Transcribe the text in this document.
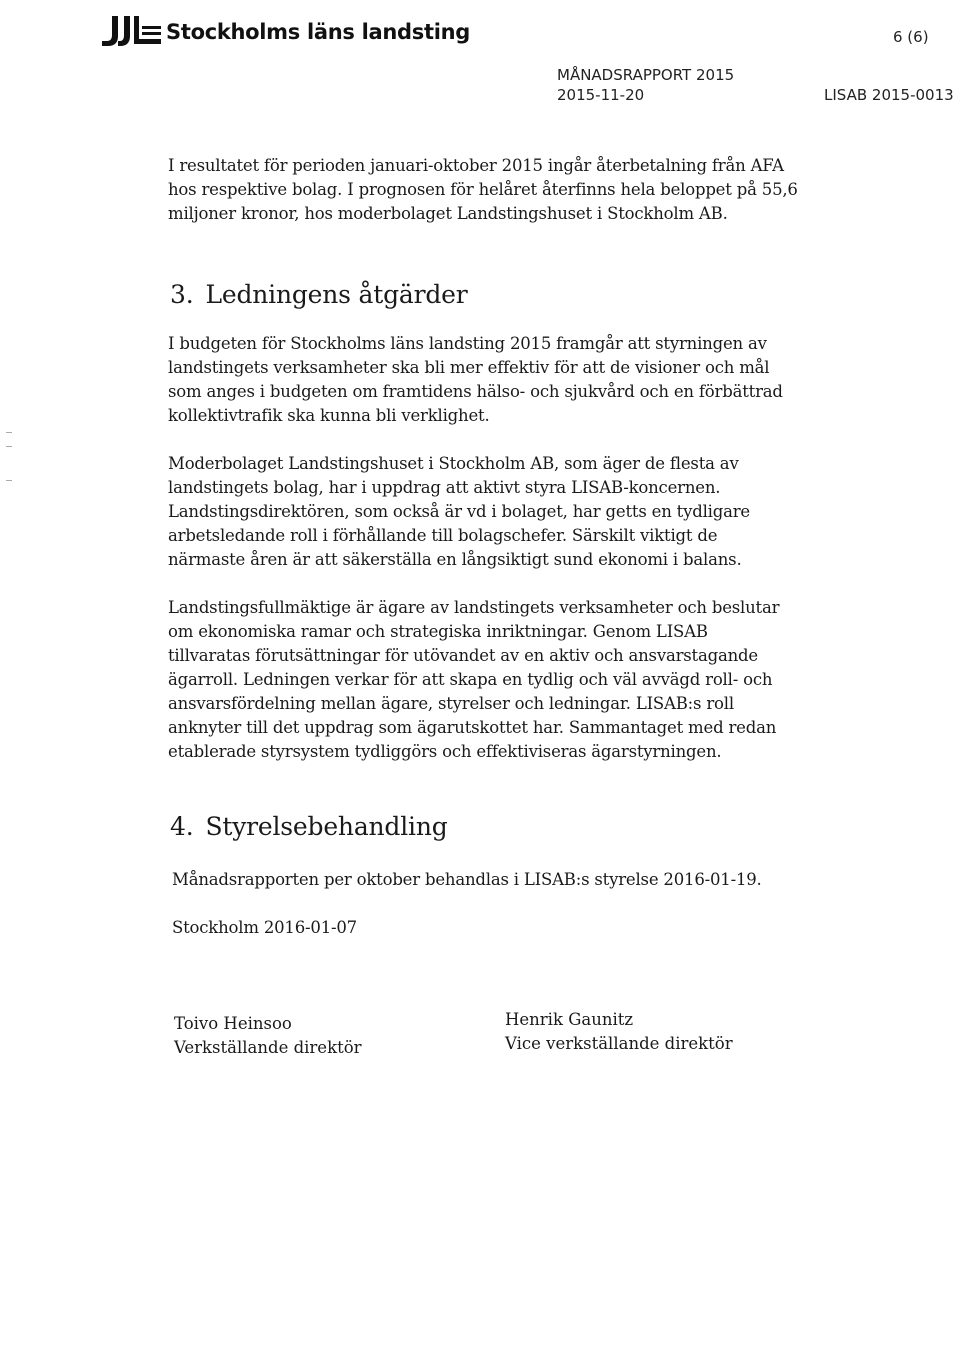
Stockholms läns landsting	6 (6)
MÅNADSRAPPORT 2015
2015-11-20	LISAB 2015-0013

I resultatet för perioden januari-oktober 2015 ingår återbetalning från AFA
hos respektive bolag. I prognosen för helåret återfinns hela beloppet på 55,6
miljoner kronor, hos moderbolaget Landstingshuset i Stockholm AB.

3. Ledningens åtgärder

I budgeten för Stockholms läns landsting 2015 framgår att styrningen av
landstingets verksamheter ska bli mer effektiv för att de visioner och mål
som anges i budgeten om framtidens hälso- och sjukvård och en förbättrad
kollektivtrafik ska kunna bli verklighet.

Moderbolaget Landstingshuset i Stockholm AB, som äger de flesta av
landstingets bolag, har i uppdrag att aktivt styra LISAB-koncernen.
Landstingsdirektören, som också är vd i bolaget, har getts en tydligare
arbetsledande roll i förhållande till bolagschefer. Särskilt viktigt de
närmaste åren är att säkerställa en långsiktigt sund ekonomi i balans.

Landstingsfullmäktige är ägare av landstingets verksamheter och beslutar
om ekonomiska ramar och strategiska inriktningar. Genom LISAB
tillvaratas förutsättningar för utövandet av en aktiv och ansvarstagande
ägarroll. Ledningen verkar för att skapa en tydlig och väl avvägd roll- och
ansvarsfördelning mellan ägare, styrelser och ledningar. LISAB:s roll
anknyter till det uppdrag som ägarutskottet har. Sammantaget med redan
etablerade styrsystem tydliggörs och effektiviseras ägarstyrningen.

4. Styrelsebehandling

Månadsrapporten per oktober behandlas i LISAB:s styrelse 2016-01-19.

Stockholm 2016-01-07

Toivo Heinsoo
Verkställande direktör
Henrik Gaunitz
Vice verkställande direktör
